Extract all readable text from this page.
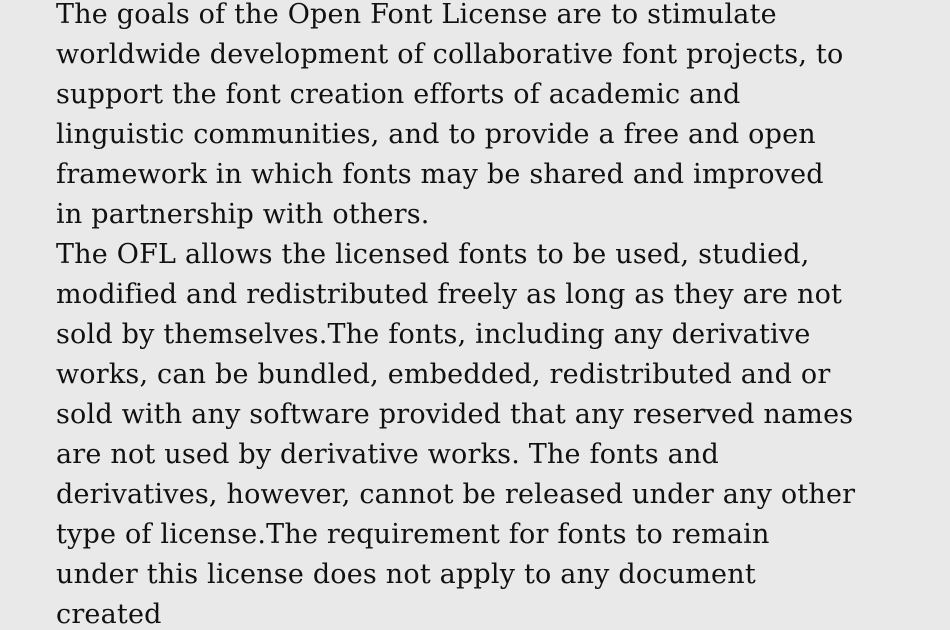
The goals of the Open Font License are to stimulate
worldwide development of collaborative font projects, to
support the font creation efforts of academic and
linguistic communities, and to provide a free and open
framework in which fonts may be shared and improved
in partnership with others.

The OFL allows the licensed fonts to be used, studied,
modified and redistributed freely as long as they are not
sold by themselves.The fonts, including any derivative
works, can be bundled, embedded, redistributed and or
sold with any software provided that any reserved names
are not used by derivative works. The fonts and
derivatives, however, cannot be released under any other
type of license.The requirement for fonts to remain
under this license does not apply to any document
created
